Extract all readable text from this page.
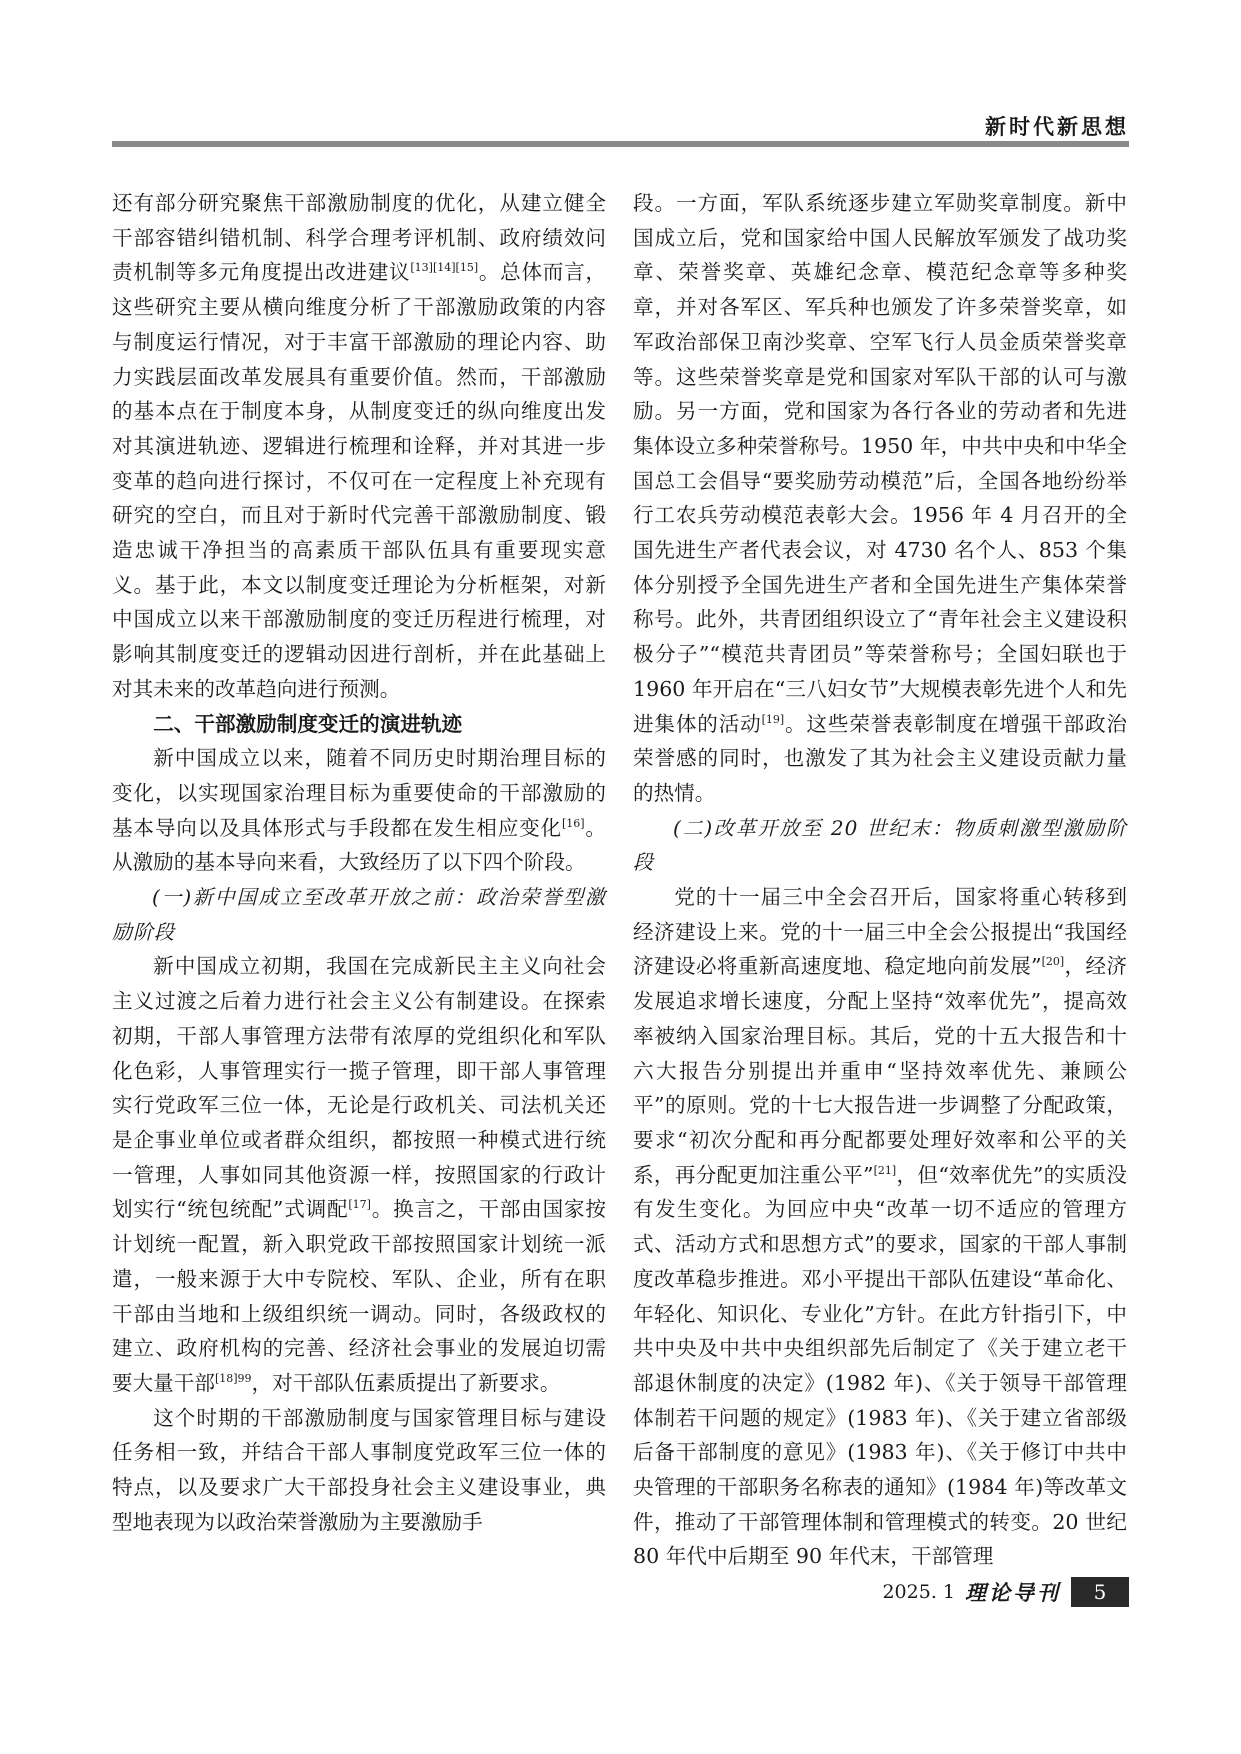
新时代新思想

还有部分研究聚焦干部激励制度的优化，从建立健全干部容错纠错机制、科学合理考评机制、政府绩效问责机制等多元角度提出改进建议[13][14][15]。总体而言，这些研究主要从横向维度分析了干部激励政策的内容与制度运行情况，对于丰富干部激励的理论内容、助力实践层面改革发展具有重要价值。然而，干部激励的基本点在于制度本身，从制度变迁的纵向维度出发对其演进轨迹、逻辑进行梳理和诠释，并对其进一步变革的趋向进行探讨，不仅可在一定程度上补充现有研究的空白，而且对于新时代完善干部激励制度、锻造忠诚干净担当的高素质干部队伍具有重要现实意义。基于此，本文以制度变迁理论为分析框架，对新中国成立以来干部激励制度的变迁历程进行梳理，对影响其制度变迁的逻辑动因进行剖析，并在此基础上对其未来的改革趋向进行预测。

二、干部激励制度变迁的演进轨迹

新中国成立以来，随着不同历史时期治理目标的变化，以实现国家治理目标为重要使命的干部激励的基本导向以及具体形式与手段都在发生相应变化[16]。从激励的基本导向来看，大致经历了以下四个阶段。

(一)新中国成立至改革开放之前：政治荣誉型激励阶段

新中国成立初期，我国在完成新民主主义向社会主义过渡之后着力进行社会主义公有制建设。在探索初期，干部人事管理方法带有浓厚的党组织化和军队化色彩，人事管理实行一揽子管理，即干部人事管理实行党政军三位一体，无论是行政机关、司法机关还是企事业单位或者群众组织，都按照一种模式进行统一管理，人事如同其他资源一样，按照国家的行政计划实行“统包统配”式调配[17]。换言之，干部由国家按计划统一配置，新入职党政干部按照国家计划统一派遣，一般来源于大中专院校、军队、企业，所有在职干部由当地和上级组织统一调动。同时，各级政权的建立、政府机构的完善、经济社会事业的发展迫切需要大量干部$^{[18]99}$，对干部队伍素质提出了新要求。

这个时期的干部激励制度与国家管理目标与建设任务相一致，并结合干部人事制度党政军三位一体的特点，以及要求广大干部投身社会主义建设事业，典型地表现为以政治荣誉激励为主要激励手

段。一方面，军队系统逐步建立军勋奖章制度。新中国成立后，党和国家给中国人民解放军颁发了战功奖章、荣誉奖章、英雄纪念章、模范纪念章等多种奖章，并对各军区、军兵种也颁发了许多荣誉奖章，如军政治部保卫南沙奖章、空军飞行人员金质荣誉奖章等。这些荣誉奖章是党和国家对军队干部的认可与激励。另一方面，党和国家为各行各业的劳动者和先进集体设立多种荣誉称号。1950 年，中共中央和中华全国总工会倡导“要奖励劳动模范”后，全国各地纷纷举行工农兵劳动模范表彰大会。1956 年 4 月召开的全国先进生产者代表会议，对 4730 名个人、853 个集体分别授予全国先进生产者和全国先进生产集体荣誉称号。此外，共青团组织设立了“青年社会主义建设积极分子”“模范共青团员”等荣誉称号；全国妇联也于 1960 年开启在“三八妇女节”大规模表彰先进个人和先进集体的活动[19]。这些荣誉表彰制度在增强干部政治荣誉感的同时，也激发了其为社会主义建设贡献力量的热情。

(二)改革开放至 20 世纪末：物质刺激型激励阶段

党的十一届三中全会召开后，国家将重心转移到经济建设上来。党的十一届三中全会公报提出“我国经济建设必将重新高速度地、稳定地向前发展”[20]，经济发展追求增长速度，分配上坚持“效率优先”，提高效率被纳入国家治理目标。其后，党的十五大报告和十六大报告分别提出并重申“坚持效率优先、兼顾公平”的原则。党的十七大报告进一步调整了分配政策，要求“初次分配和再分配都要处理好效率和公平的关系，再分配更加注重公平”[21]，但“效率优先”的实质没有发生变化。为回应中央“改革一切不适应的管理方式、活动方式和思想方式”的要求，国家的干部人事制度改革稳步推进。邓小平提出干部队伍建设“革命化、年轻化、知识化、专业化”方针。在此方针指引下，中共中央及中共中央组织部先后制定了《关于建立老干部退休制度的决定》(1982 年)、《关于领导干部管理体制若干问题的规定》(1983 年)、《关于建立省部级后备干部制度的意见》(1983 年)、《关于修订中共中央管理的干部职务名称表的通知》(1984 年)等改革文件，推动了干部管理体制和管理模式的转变。20 世纪 80 年代中后期至 90 年代末，干部管理

2025. 1 理论导刊	5
